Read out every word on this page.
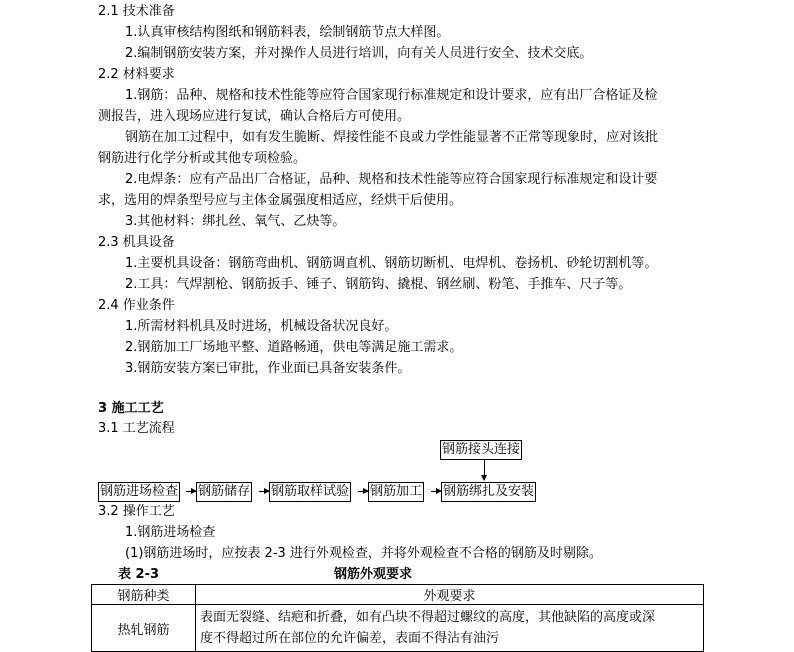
2.1 技术准备
1.认真审核结构图纸和钢筋料表，绘制钢筋节点大样图。
2.编制钢筋安装方案，并对操作人员进行培训，向有关人员进行安全、技术交底。
2.2 材料要求
1.钢筋：品种、规格和技术性能等应符合国家现行标准规定和设计要求，应有出厂合格证及检
测报告，进入现场应进行复试，确认合格后方可使用。
钢筋在加工过程中，如有发生脆断、焊接性能不良或力学性能显著不正常等现象时，应对该批
钢筋进行化学分析或其他专项检验。
2.电焊条：应有产品出厂合格证，品种、规格和技术性能等应符合国家现行标准规定和设计要
求，选用的焊条型号应与主体金属强度相适应，经烘干后使用。
3.其他材料：绑扎丝、氧气、乙炔等。
2.3 机具设备
1.主要机具设备：钢筋弯曲机、钢筋调直机、钢筋切断机、电焊机、卷扬机、砂轮切割机等。
2.工具：气焊割枪、钢筋扳手、锤子、钢筋钩、撬棍、钢丝刷、粉笔、手推车、尺子等。
2.4 作业条件
1.所需材料机具及时进场，机械设备状况良好。
2.钢筋加工厂场地平整、道路畅通，供电等满足施工需求。
3.钢筋安装方案已审批，作业面已具备安装条件。
3 施工工艺
3.1 工艺流程
钢筋接头连接
钢筋进场检查 钢筋储存 钢筋取样试验 钢筋加工 钢筋绑扎及安装
3.2 操作工艺
1.钢筋进场检查
(1)钢筋进场时，应按表 2-3 进行外观检查，并将外观检查不合格的钢筋及时剔除。
表 2-3	钢筋外观要求
钢筋种类	外观要求
热轧钢筋	表面无裂缝、结疤和折叠，如有凸块不得超过螺纹的高度，其他缺陷的高度或深
度不得超过所在部位的允许偏差，表面不得沾有油污
